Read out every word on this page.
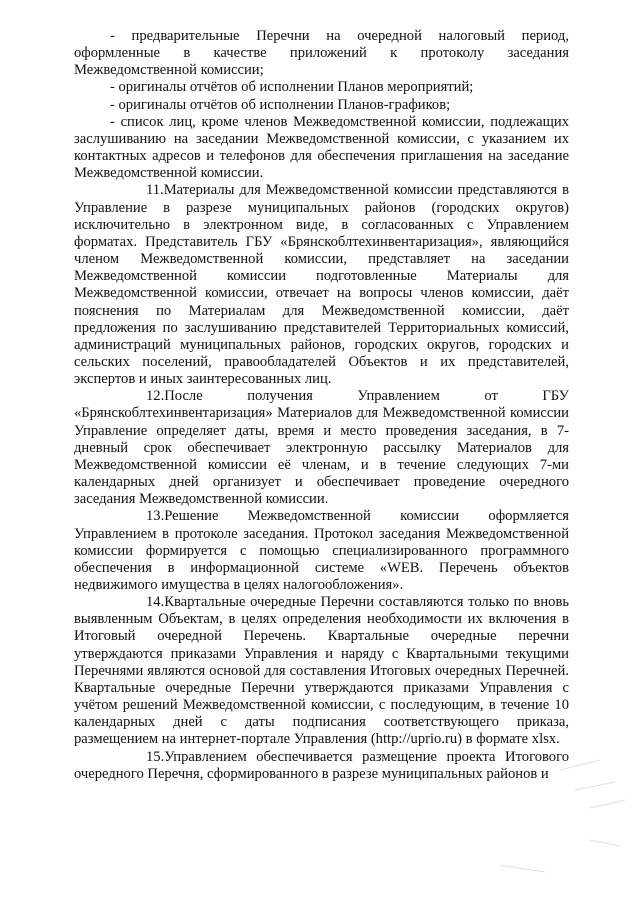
- предварительные Перечни на очередной налоговый период, оформленные в качестве приложений к протоколу заседания Межведомственной комиссии;

- оригиналы отчётов об исполнении Планов мероприятий;

- оригиналы отчётов об исполнении Планов-графиков;

- список лиц, кроме членов Межведомственной комиссии, подлежащих заслушиванию на заседании Межведомственной комиссии, с указанием их контактных адресов и телефонов для обеспечения приглашения на заседание Межведомственной комиссии.

11.Материалы для Межведомственной комиссии представляются в Управление в разрезе муниципальных районов (городских округов) исключительно в электронном виде, в согласованных с Управлением форматах. Представитель ГБУ «Брянскоблтехинвентаризация», являющийся членом Межведомственной комиссии, представляет на заседании Межведомственной комиссии подготовленные Материалы для Межведомственной комиссии, отвечает на вопросы членов комиссии, даёт пояснения по Материалам для Межведомственной комиссии, даёт предложения по заслушиванию представителей Территориальных комиссий, администраций муниципальных районов, городских округов, городских и сельских поселений, правообладателей Объектов и их представителей, экспертов и иных заинтересованных лиц.

12.После получения Управлением от ГБУ «Брянскоблтехинвентаризация» Материалов для Межведомственной комиссии Управление определяет даты, время и место проведения заседания, в 7-дневный срок обеспечивает электронную рассылку Материалов для Межведомственной комиссии её членам, и в течение следующих 7-ми календарных дней организует и обеспечивает проведение очередного заседания Межведомственной комиссии.

13.Решение Межведомственной комиссии оформляется Управлением в протоколе заседания. Протокол заседания Межведомственной комиссии формируется с помощью специализированного программного обеспечения в информационной системе «WEB. Перечень объектов недвижимого имущества в целях налогообложения».

14.Квартальные очередные Перечни составляются только по вновь выявленным Объектам, в целях определения необходимости их включения в Итоговый очередной Перечень. Квартальные очередные перечни утверждаются приказами Управления и наряду с Квартальными текущими Перечнями являются основой для составления Итоговых очередных Перечней. Квартальные очередные Перечни утверждаются приказами Управления с учётом решений Межведомственной комиссии, с последующим, в течение 10 календарных дней с даты подписания соответствующего приказа, размещением на интернет-портале Управления (http://uprio.ru) в формате xlsx.

15.Управлением обеспечивается размещение проекта Итогового очередного Перечня, сформированного в разрезе муниципальных районов и
